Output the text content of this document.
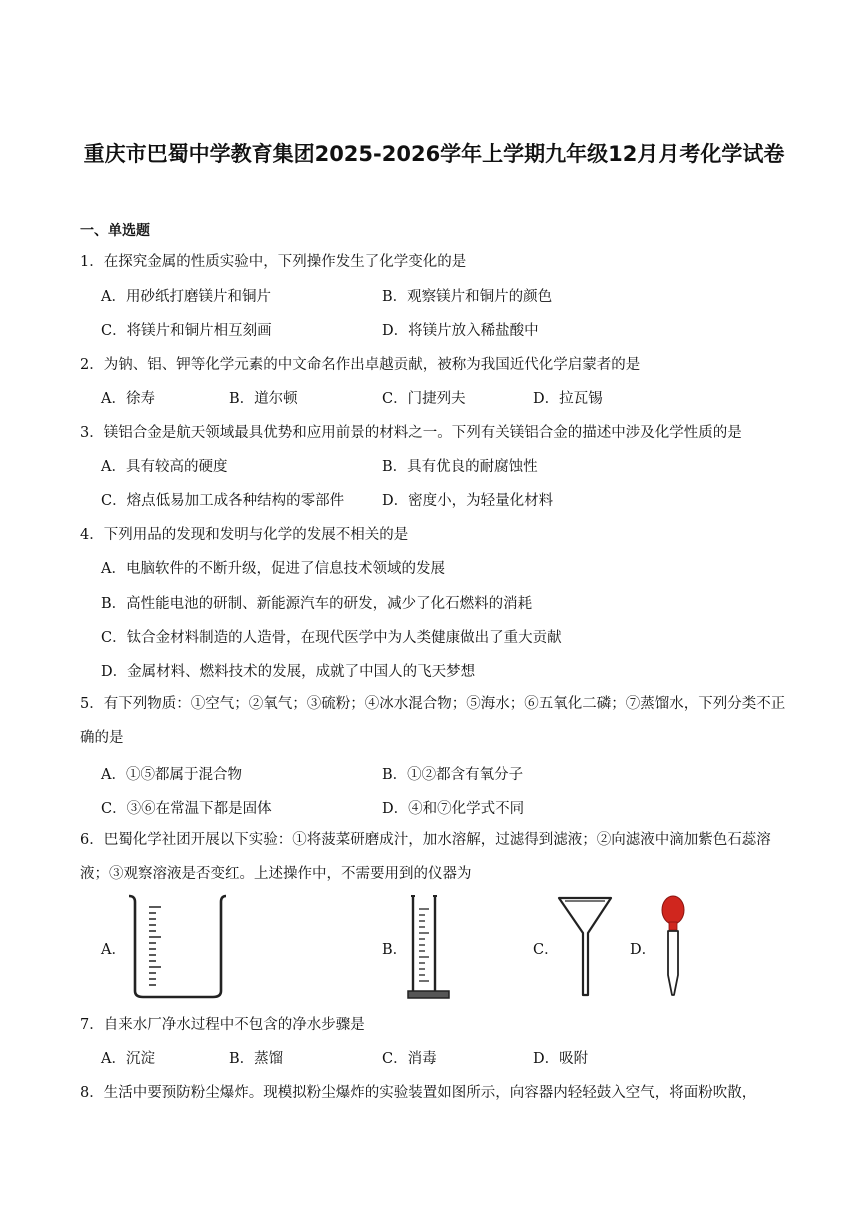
重庆市巴蜀中学教育集团2025-2026学年上学期九年级12月月考化学试卷
一、单选题
1．在探究金属的性质实验中，下列操作发生了化学变化的是
A．用砂纸打磨镁片和铜片	B．观察镁片和铜片的颜色
C．将镁片和铜片相互刻画	D．将镁片放入稀盐酸中
2．为钠、铝、钾等化学元素的中文命名作出卓越贡献，被称为我国近代化学启蒙者的是
A．徐寿	B．道尔顿	C．门捷列夫	D．拉瓦锡
3．镁铝合金是航天领域最具优势和应用前景的材料之一。下列有关镁铝合金的描述中涉及化学性质的是
A．具有较高的硬度	B．具有优良的耐腐蚀性
C．熔点低易加工成各种结构的零部件	D．密度小，为轻量化材料
4．下列用品的发现和发明与化学的发展不相关的是
A．电脑软件的不断升级，促进了信息技术领域的发展
B．高性能电池的研制、新能源汽车的研发，减少了化石燃料的消耗
C．钛合金材料制造的人造骨，在现代医学中为人类健康做出了重大贡献
D．金属材料、燃料技术的发展，成就了中国人的飞天梦想
5．有下列物质：①空气；②氧气；③硫粉；④冰水混合物；⑤海水；⑥五氧化二磷；⑦蒸馏水，下列分类不正确的是
A．①⑤都属于混合物	B．①②都含有氧分子
C．③⑥在常温下都是固体	D．④和⑦化学式不同
6．巴蜀化学社团开展以下实验：①将菠菜研磨成汁，加水溶解，过滤得到滤液；②向滤液中滴加紫色石蕊溶液；③观察溶液是否变红。上述操作中，不需要用到的仪器为
A．	B．	C．	D．
7．自来水厂净水过程中不包含的净水步骤是
A．沉淀	B．蒸馏	C．消毒	D．吸附
8．生活中要预防粉尘爆炸。现模拟粉尘爆炸的实验装置如图所示，向容器内轻轻鼓入空气，将面粉吹散，
